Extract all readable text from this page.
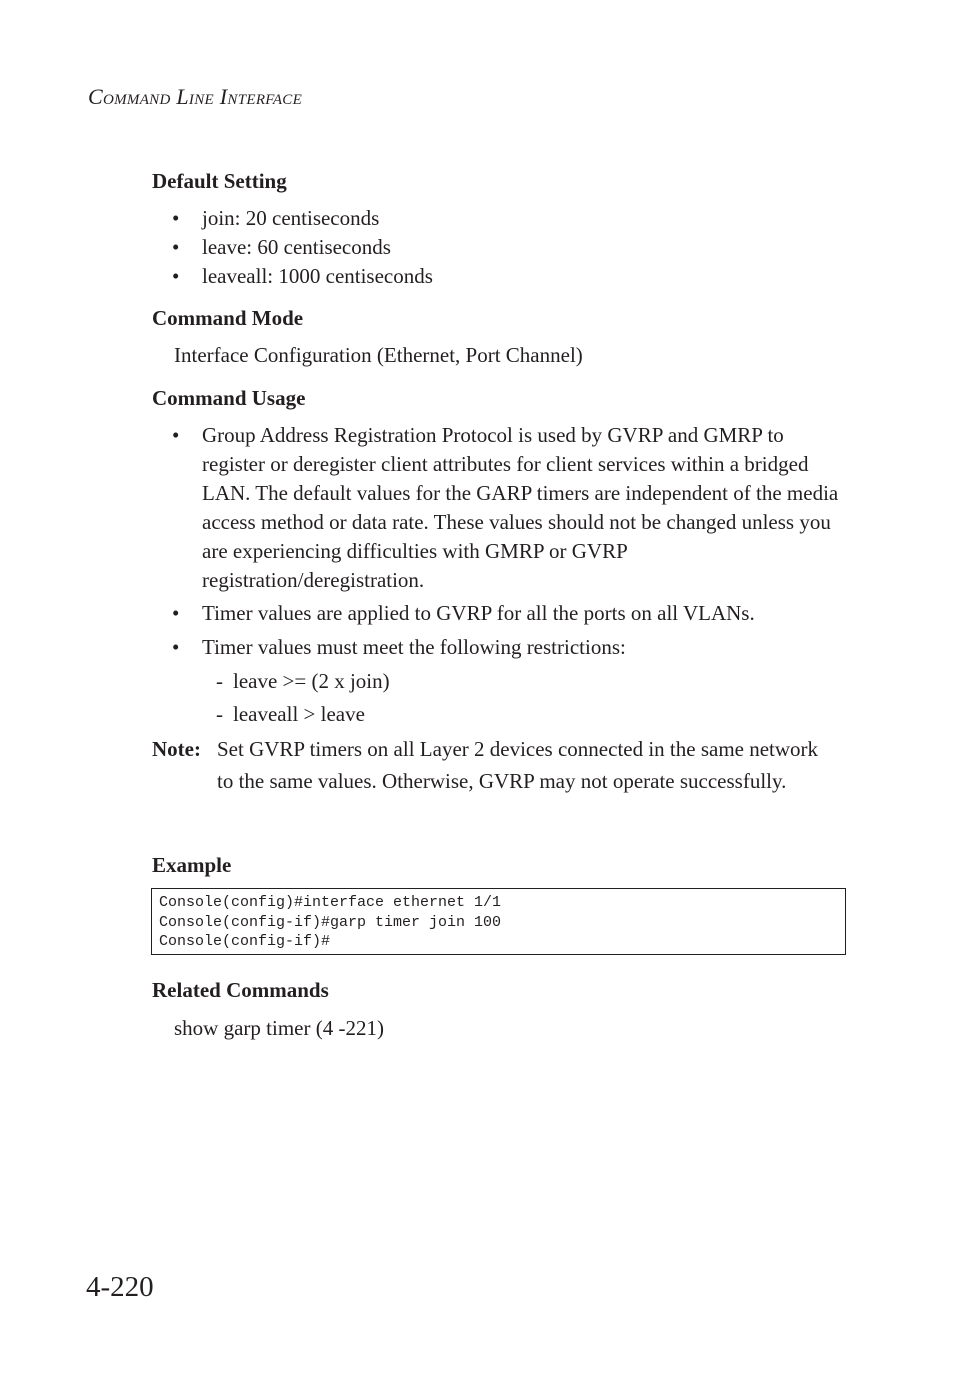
Command Line Interface
Default Setting
• join: 20 centiseconds
• leave: 60 centiseconds
• leaveall: 1000 centiseconds
Command Mode
Interface Configuration (Ethernet, Port Channel)
Command Usage
• Group Address Registration Protocol is used by GVRP and GMRP to register or deregister client attributes for client services within a bridged LAN. The default values for the GARP timers are independent of the media access method or data rate. These values should not be changed unless you are experiencing difficulties with GMRP or GVRP registration/deregistration.
• Timer values are applied to GVRP for all the ports on all VLANs.
• Timer values must meet the following restrictions:
- leave >= (2 x join)
- leaveall > leave
Note: Set GVRP timers on all Layer 2 devices connected in the same network to the same values. Otherwise, GVRP may not operate successfully.
Example
Console(config)#interface ethernet 1/1
Console(config-if)#garp timer join 100
Console(config-if)#
Related Commands
show garp timer (4 -221)
4-220
